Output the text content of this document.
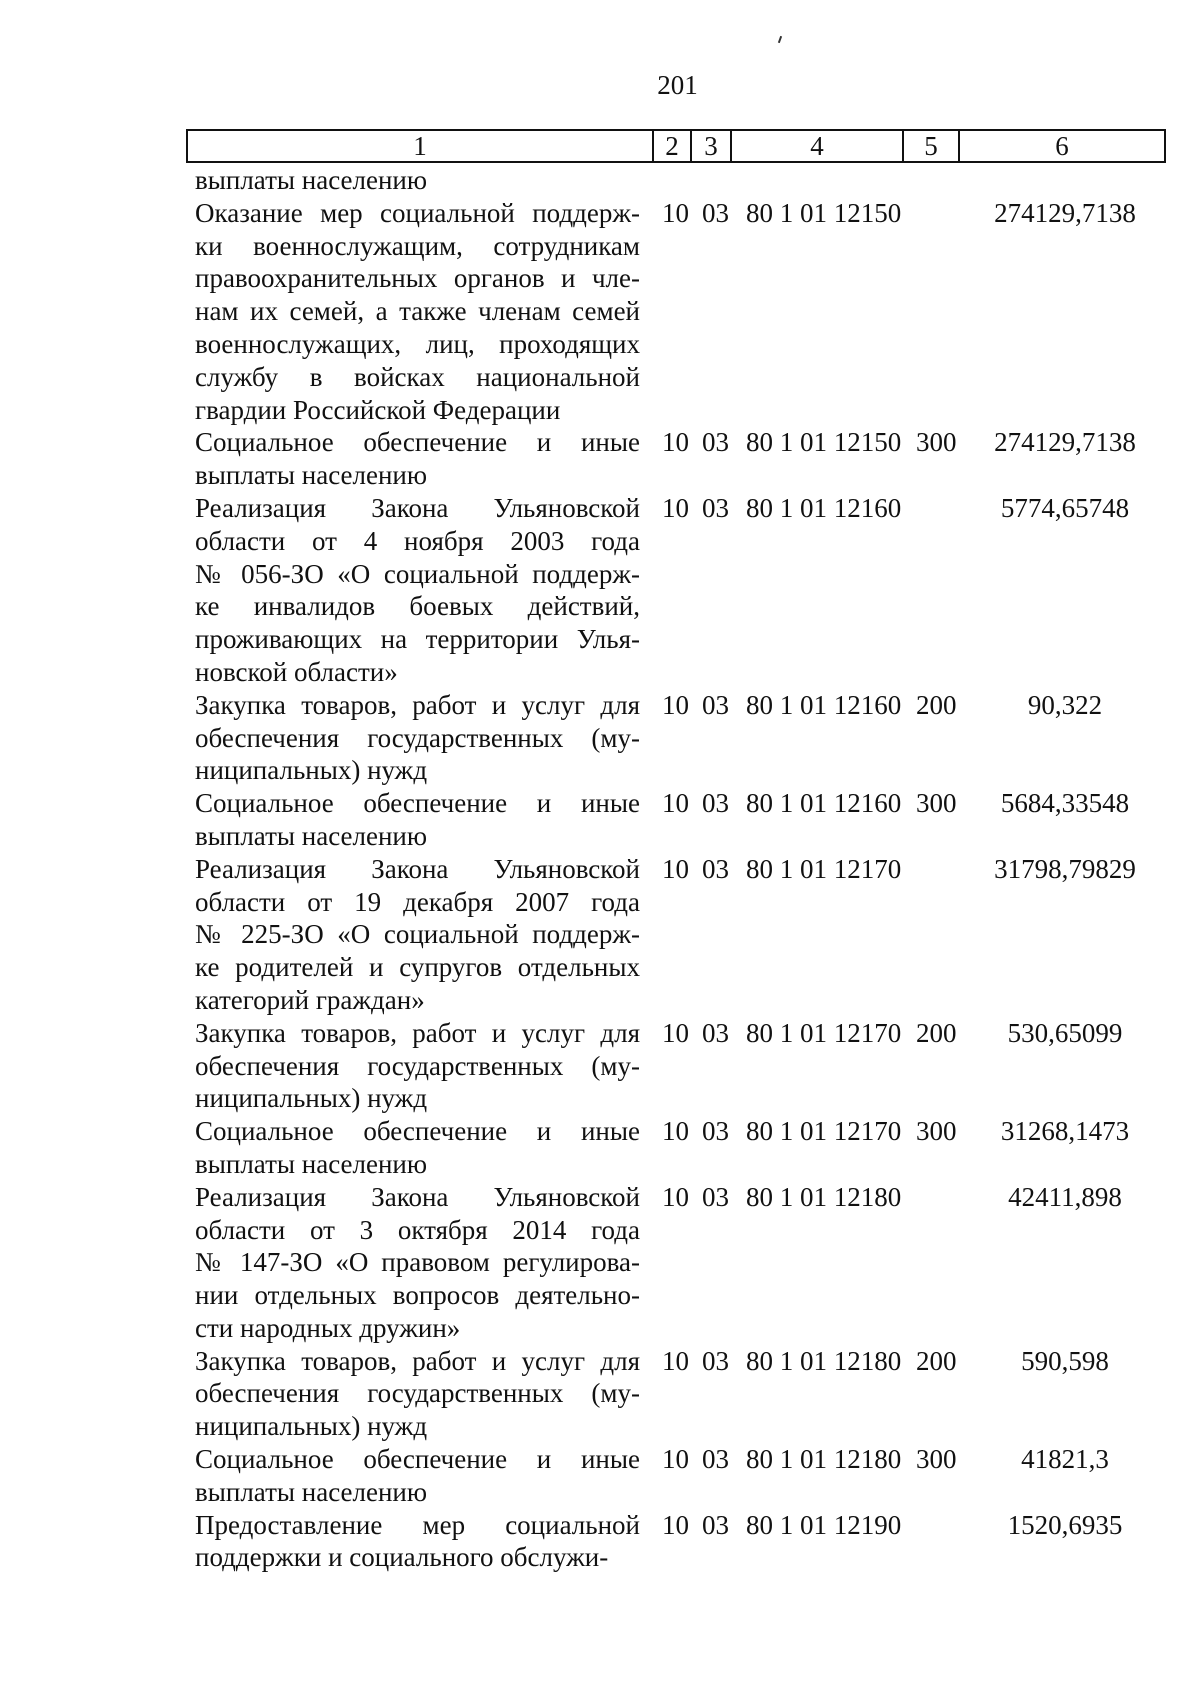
201
1	2 3	4	5	6
выплаты населению
Оказание мер социальной поддерж-
ки военнослужащим, сотрудникам
правоохранительных органов и чле-
нам их семей, а также членам семей
военнослужащих, лиц, проходящих
службу в войсках национальной
гвардии Российской Федерации
10 03 80 1 01 12150	274129,7138
Социальное обеспечение и иные
выплаты населению
10 03 80 1 01 12150 300 274129,7138
Реализация Закона Ульяновской
области от 4 ноября 2003 года
№ 056-ЗО «О социальной поддерж-
ке инвалидов боевых действий,
проживающих на территории Улья-
новской области»
10 03 80 1 01 12160	5774,65748
Закупка товаров, работ и услуг для
обеспечения государственных (му-
ниципальных) нужд
10 03 80 1 01 12160 200	90,322
Социальное обеспечение и иные
выплаты населению
10 03 80 1 01 12160 300	5684,33548
Реализация Закона Ульяновской
области от 19 декабря 2007 года
№ 225-ЗО «О социальной поддерж-
ке родителей и супругов отдельных
категорий граждан»
10 03 80 1 01 12170	31798,79829
Закупка товаров, работ и услуг для
обеспечения государственных (му-
ниципальных) нужд
10 03 80 1 01 12170 200	530,65099
Социальное обеспечение и иные
выплаты населению
10 03 80 1 01 12170 300	31268,1473
Реализация Закона Ульяновской
области от 3 октября 2014 года
№ 147-ЗО «О правовом регулирова-
нии отдельных вопросов деятельно-
сти народных дружин»
10 03 80 1 01 12180	42411,898
Закупка товаров, работ и услуг для
обеспечения государственных (му-
ниципальных) нужд
10 03 80 1 01 12180 200	590,598
Социальное обеспечение и иные
выплаты населению
10 03 80 1 01 12180 300	41821,3
Предоставление мер социальной
поддержки и социального обслужи-
10 03 80 1 01 12190	1520,6935
